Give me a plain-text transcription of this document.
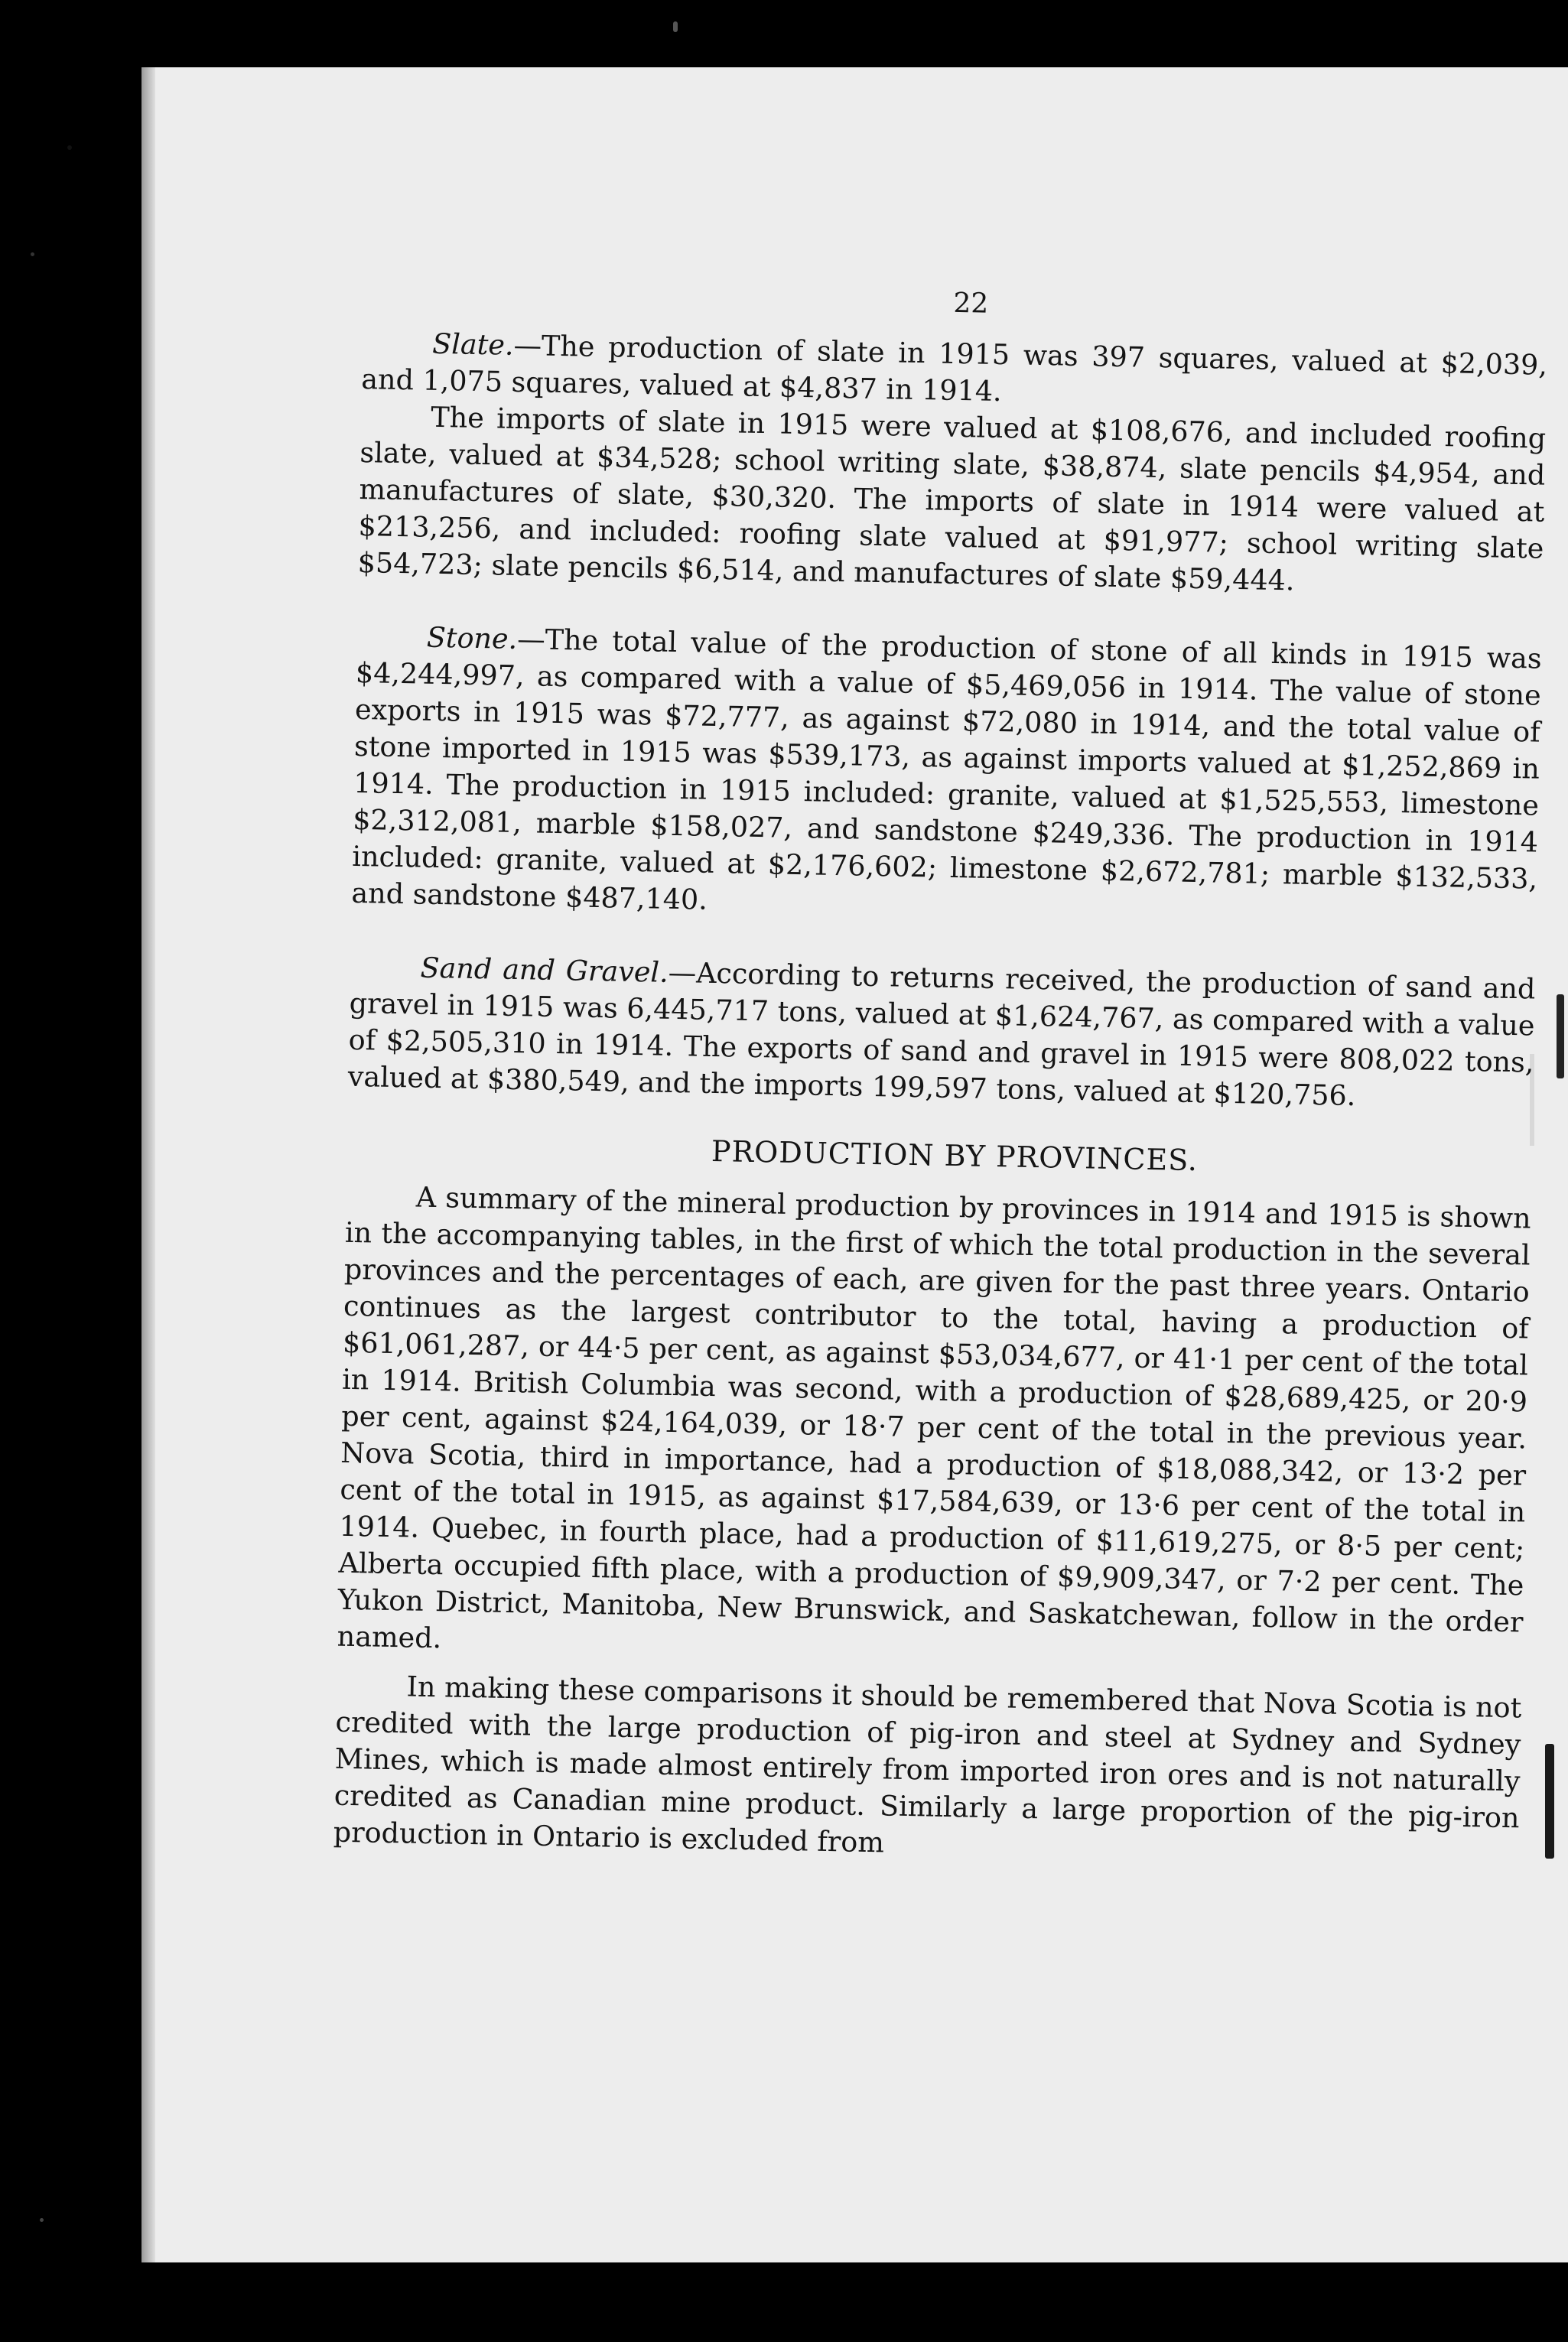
22

Slate.—The production of slate in 1915 was 397 squares, valued at $2,039, and 1,075 squares, valued at $4,837 in 1914.

The imports of slate in 1915 were valued at $108,676, and included roofing slate, valued at $34,528; school writing slate, $38,874, slate pencils $4,954, and manufactures of slate, $30,320. The imports of slate in 1914 were valued at $213,256, and included: roofing slate valued at $91,977; school writing slate $54,723; slate pencils $6,514, and manufactures of slate $59,444.

Stone.—The total value of the production of stone of all kinds in 1915 was $4,244,997, as compared with a value of $5,469,056 in 1914. The value of stone exports in 1915 was $72,777, as against $72,080 in 1914, and the total value of stone imported in 1915 was $539,173, as against imports valued at $1,252,869 in 1914. The production in 1915 included: granite, valued at $1,525,553, limestone $2,312,081, marble $158,027, and sandstone $249,336. The production in 1914 included: granite, valued at $2,176,602; limestone $2,672,781; marble $132,533, and sandstone $487,140.

Sand and Gravel.—According to returns received, the production of sand and gravel in 1915 was 6,445,717 tons, valued at $1,624,767, as compared with a value of $2,505,310 in 1914. The exports of sand and gravel in 1915 were 808,022 tons, valued at $380,549, and the imports 199,597 tons, valued at $120,756.

PRODUCTION BY PROVINCES.

A summary of the mineral production by provinces in 1914 and 1915 is shown in the accompanying tables, in the first of which the total production in the several provinces and the percentages of each, are given for the past three years. Ontario continues as the largest contributor to the total, having a production of $61,061,287, or 44·5 per cent, as against $53,034,677, or 41·1 per cent of the total in 1914. British Columbia was second, with a production of $28,689,425, or 20·9 per cent, against $24,164,039, or 18·7 per cent of the total in the previous year. Nova Scotia, third in importance, had a production of $18,088,342, or 13·2 per cent of the total in 1915, as against $17,584,639, or 13·6 per cent of the total in 1914. Quebec, in fourth place, had a production of $11,619,275, or 8·5 per cent; Alberta occupied fifth place, with a production of $9,909,347, or 7·2 per cent. The Yukon District, Manitoba, New Brunswick, and Saskatchewan, follow in the order named.

In making these comparisons it should be remembered that Nova Scotia is not credited with the large production of pig-iron and steel at Sydney and Sydney Mines, which is made almost entirely from imported iron ores and is not naturally credited as Canadian mine product. Similarly a large proportion of the pig-iron production in Ontario is excluded from
